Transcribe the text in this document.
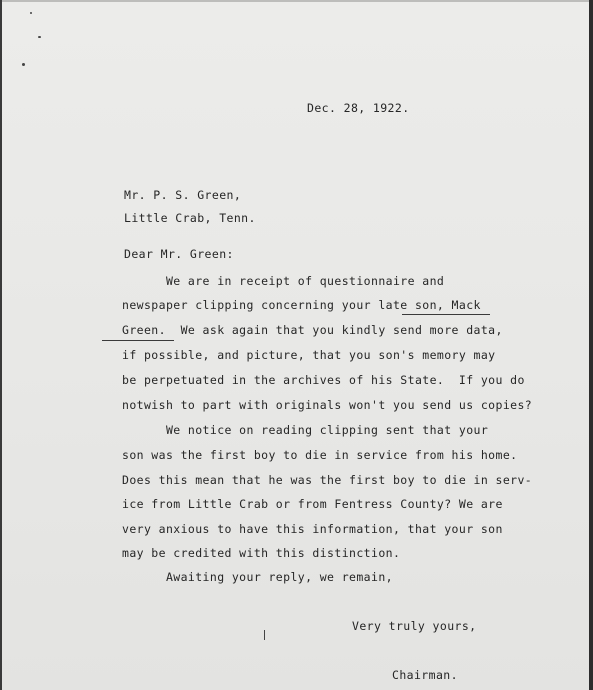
Dec. 28, 1922.
Mr. P. S. Green,
Little Crab, Tenn.
Dear Mr. Green:
We are in receipt of questionnaire and
newspaper clipping concerning your late son, Mack
Green.  We ask again that you kindly send more data,
if possible, and picture, that you son's memory may
be perpetuated in the archives of his State.  If you do
notwish to part with originals won't you send us copies?
We notice on reading clipping sent that your
son was the first boy to die in service from his home.
Does this mean that he was the first boy to die in serv-
ice from Little Crab or from Fentress County? We are
very anxious to have this information, that your son
may be credited with this distinction.
Awaiting your reply, we remain,
Very truly yours,
Chairman.
